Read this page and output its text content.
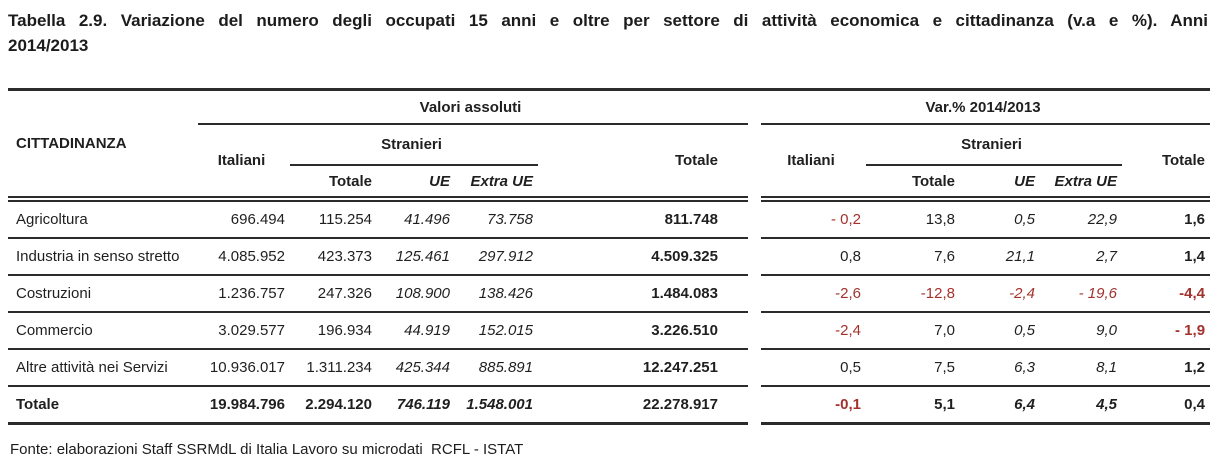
Tabella 2.9. Variazione del numero degli occupati 15 anni e oltre per settore di attività economica e cittadinanza (v.a e %). Anni
2014/2013
CITTADINANZA	Valori assoluti						Var.% 2014/2013				
	Italiani	Stranieri			Totale		Italiani	Stranieri			Totale
		Totale	UE	Extra UE				Totale	UE	Extra UE	
Agricoltura	696.494	115.254	41.496	73.758	811.748		- 0,2	13,8	0,5	22,9	1,6
Industria in senso stretto	4.085.952	423.373	125.461	297.912	4.509.325		0,8	7,6	21,1	2,7	1,4
Costruzioni	1.236.757	247.326	108.900	138.426	1.484.083		-2,6	-12,8	-2,4	- 19,6	-4,4
Commercio	3.029.577	196.934	44.919	152.015	3.226.510		-2,4	7,0	0,5	9,0	- 1,9
Altre attività nei Servizi	10.936.017	1.311.234	425.344	885.891	12.247.251		0,5	7,5	6,3	8,1	1,2
Totale	19.984.796	2.294.120	746.119	1.548.001	22.278.917		-0,1	5,1	6,4	4,5	0,4
Fonte: elaborazioni Staff SSRMdL di Italia Lavoro su microdati  RCFL - ISTAT
